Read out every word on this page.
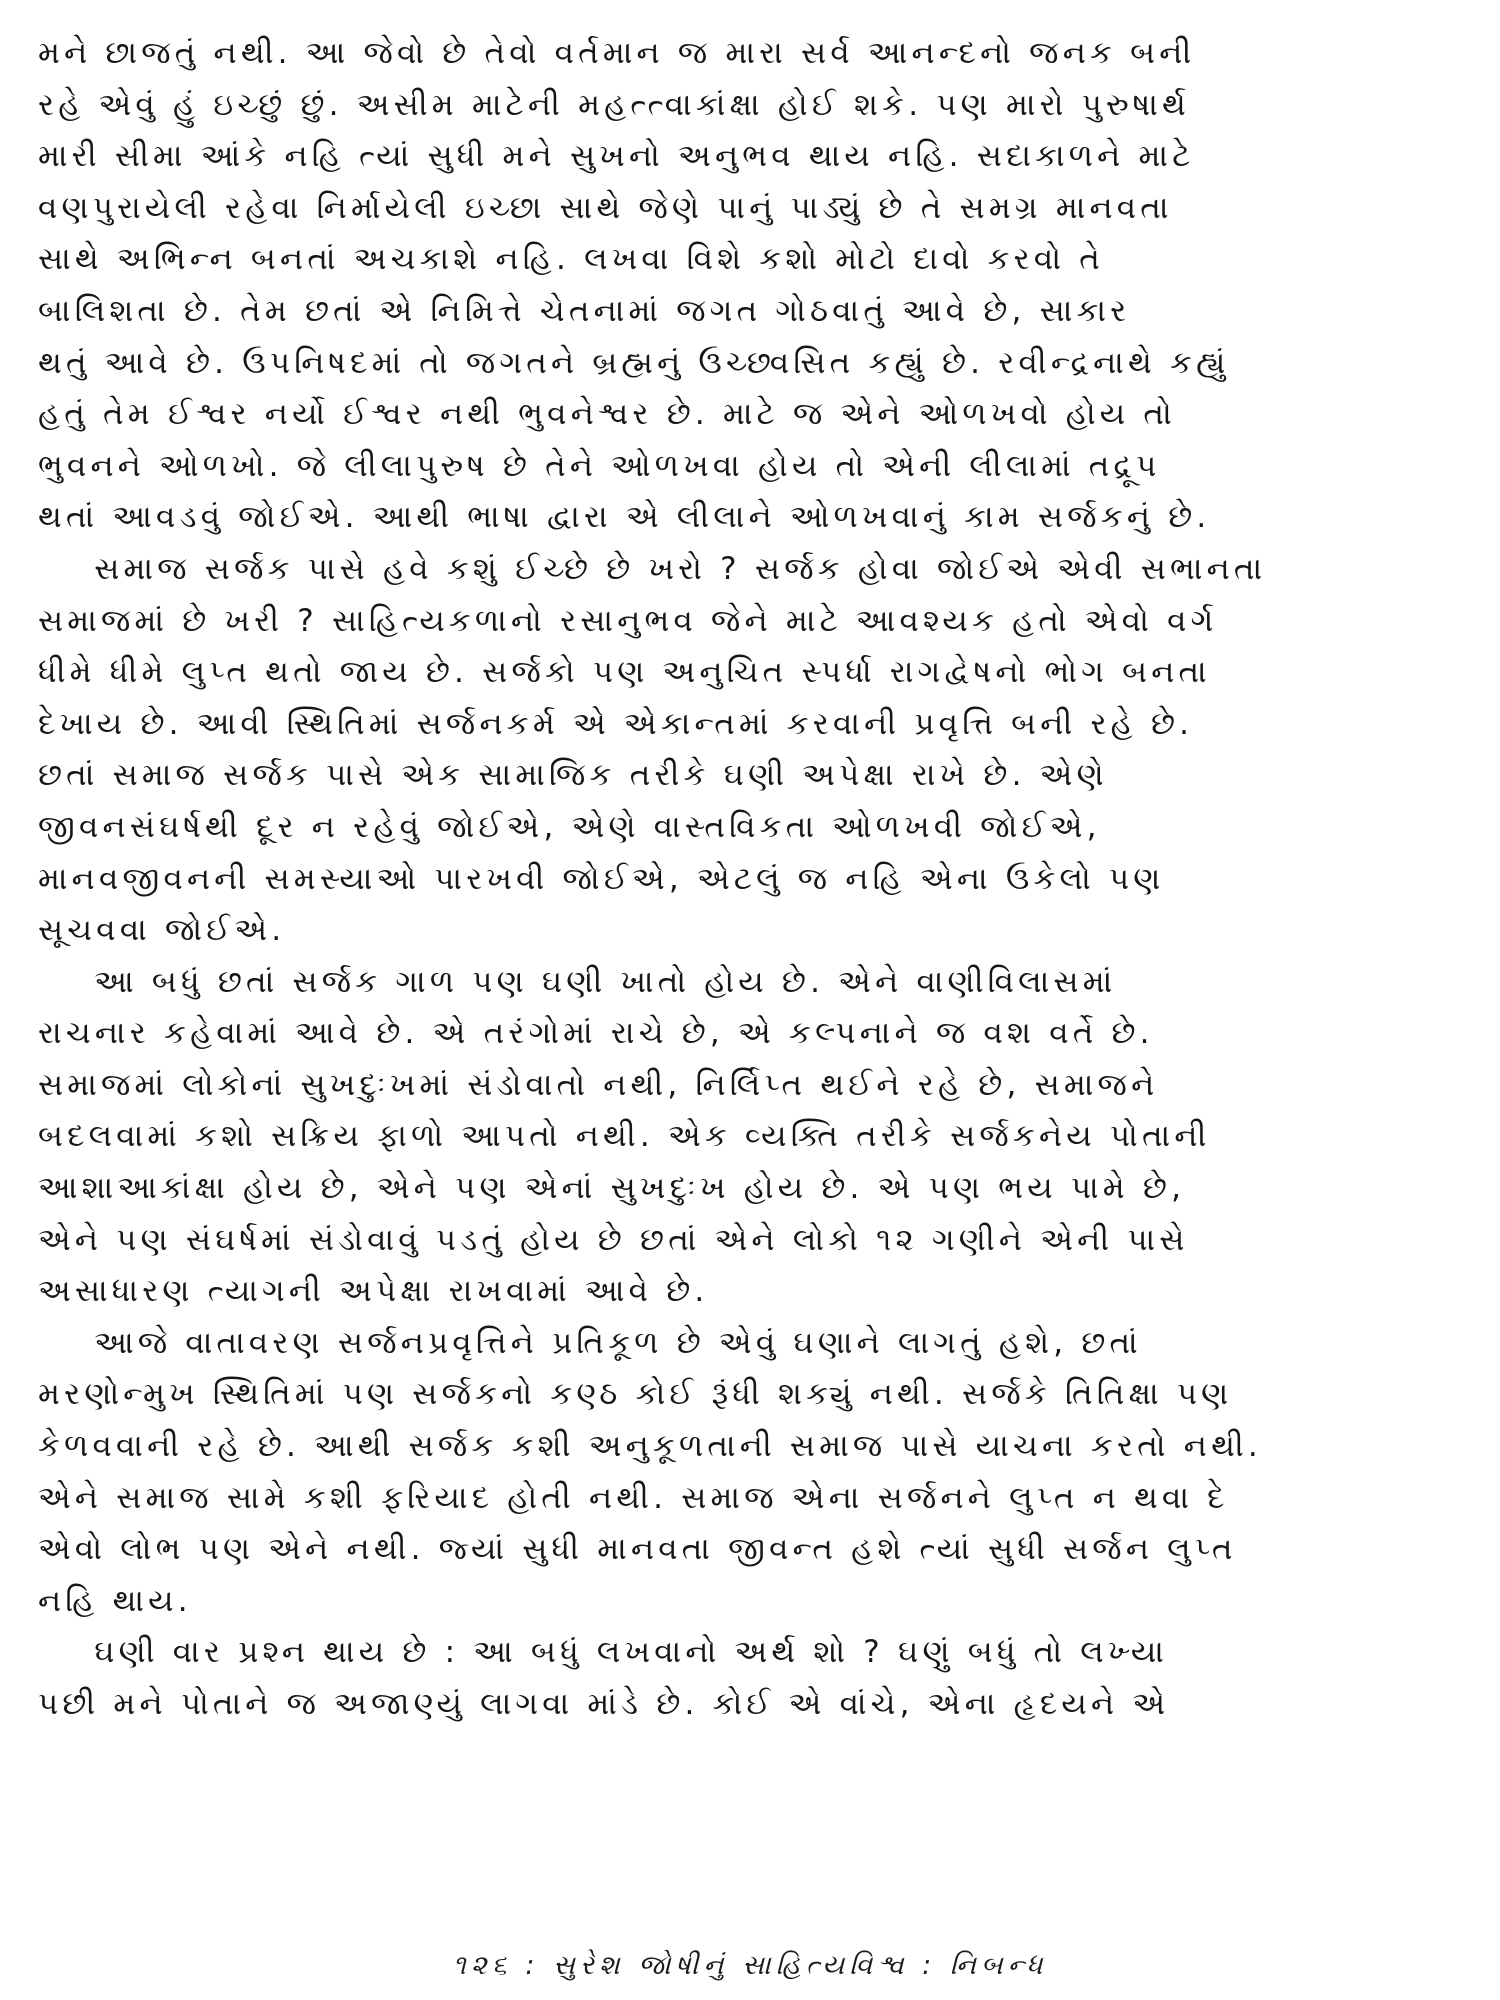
મને છાજતું નથી. આ જેવો છે તેવો વર્તમાન જ મારા સર્વ આનન્દનો જનક બની
રહે એવું હું ઇચ્છું છું. અસીમ માટેની મહત્ત્વાકાંક્ષા હોઈ શકે. પણ મારો પુરુષાર્થ
મારી સીમા આંકે નહિ ત્યાં સુધી મને સુખનો અનુભવ થાય નહિ. સદાકાળને માટે
વણપુરાયેલી રહેવા નિર્માયેલી ઇચ્છા સાથે જેણે પાનું પાડ્યું છે તે સમગ્ર માનવતા
સાથે અભિન્ન બનતાં અચકાશે નહિ. લખવા વિશે કશો મોટો દાવો કરવો તે
બાલિશતા છે. તેમ છતાં એ નિમિત્તે ચેતનામાં જગત ગોઠવાતું આવે છે, સાકાર
થતું આવે છે. ઉપનિષદમાં તો જગતને બ્રહ્મનું ઉચ્છ્વસિત કહ્યું છે. રવીન્દ્રનાથે કહ્યું
હતું તેમ ઈશ્વર નર્યો ઈશ્વર નથી ભુવનેશ્વર છે. માટે જ એને ઓળખવો હોય તો
ભુવનને ઓળખો. જે લીલાપુરુષ છે તેને ઓળખવા હોય તો એની લીલામાં તદ્રૂપ
થતાં આવડવું જોઈએ. આથી ભાષા દ્વારા એ લીલાને ઓળખવાનું કામ સર્જકનું છે.
સમાજ સર્જક પાસે હવે કશું ઈચ્છે છે ખરો ? સર્જક હોવા જોઈએ એવી સભાનતા
સમાજમાં છે ખરી ? સાહિત્યકળાનો રસાનુભવ જેને માટે આવશ્યક હતો એવો વર્ગ
ધીમે ધીમે લુપ્ત થતો જાય છે. સર્જકો પણ અનુચિત સ્પર્ધા રાગદ્વેષનો ભોગ બનતા
દેખાય છે. આવી સ્થિતિમાં સર્જનકર્મ એ એકાન્તમાં કરવાની પ્રવૃત્તિ બની રહે છે.
છતાં સમાજ સર્જક પાસે એક સામાજિક તરીકે ઘણી અપેક્ષા રાખે છે. એણે
જીવનસંઘર્ષથી દૂર ન રહેવું જોઈએ, એણે વાસ્તવિકતા ઓળખવી જોઈએ,
માનવજીવનની સમસ્યાઓ પારખવી જોઈએ, એટલું જ નહિ એના ઉકેલો પણ
સૂચવવા જોઈએ.
આ બધું છતાં સર્જક ગાળ પણ ઘણી ખાતો હોય છે. એને વાણીવિલાસમાં
રાચનાર કહેવામાં આવે છે. એ તરંગોમાં રાચે છે, એ કલ્પનાને જ વશ વર્તે છે.
સમાજમાં લોકોનાં સુખદુઃખમાં સંડોવાતો નથી, નિર્લિપ્ત થઈને રહે છે, સમાજને
બદલવામાં કશો સક્રિય ફાળો આપતો નથી. એક વ્યક્તિ તરીકે સર્જકનેય પોતાની
આશાઆકાંક્ષા હોય છે, એને પણ એનાં સુખદુઃખ હોય છે. એ પણ ભય પામે છે,
એને પણ સંઘર્ષમાં સંડોવાવું પડતું હોય છે છતાં એને લોકો ૧૨ ગણીને એની પાસે
અસાધારણ ત્યાગની અપેક્ષા રાખવામાં આવે છે.
આજે વાતાવરણ સર્જનપ્રવૃત્તિને પ્રતિકૂળ છે એવું ઘણાને લાગતું હશે, છતાં
મરણોન્મુખ સ્થિતિમાં પણ સર્જકનો કણ્ઠ કોઈ રૂંધી શક્યું નથી. સર્જકે તિતિક્ષા પણ
કેળવવાની રહે છે. આથી સર્જક કશી અનુકૂળતાની સમાજ પાસે યાચના કરતો નથી.
એને સમાજ સામે કશી ફરિયાદ હોતી નથી. સમાજ એના સર્જનને લુપ્ત ન થવા દે
એવો લોભ પણ એને નથી. જ્યાં સુધી માનવતા જીવન્ત હશે ત્યાં સુધી સર્જન લુપ્ત
નહિ થાય.
ઘણી વાર પ્રશ્ન થાય છે : આ બધું લખવાનો અર્થ શો ? ઘણું બધું તો લખ્યા
પછી મને પોતાને જ અજાણ્યું લાગવા માંડે છે. કોઈ એ વાંચે, એના હૃદયને એ
૧૨૬ : સુરેશ જોષીનું સાહિત્યવિશ્વ : નિબન્ધ
